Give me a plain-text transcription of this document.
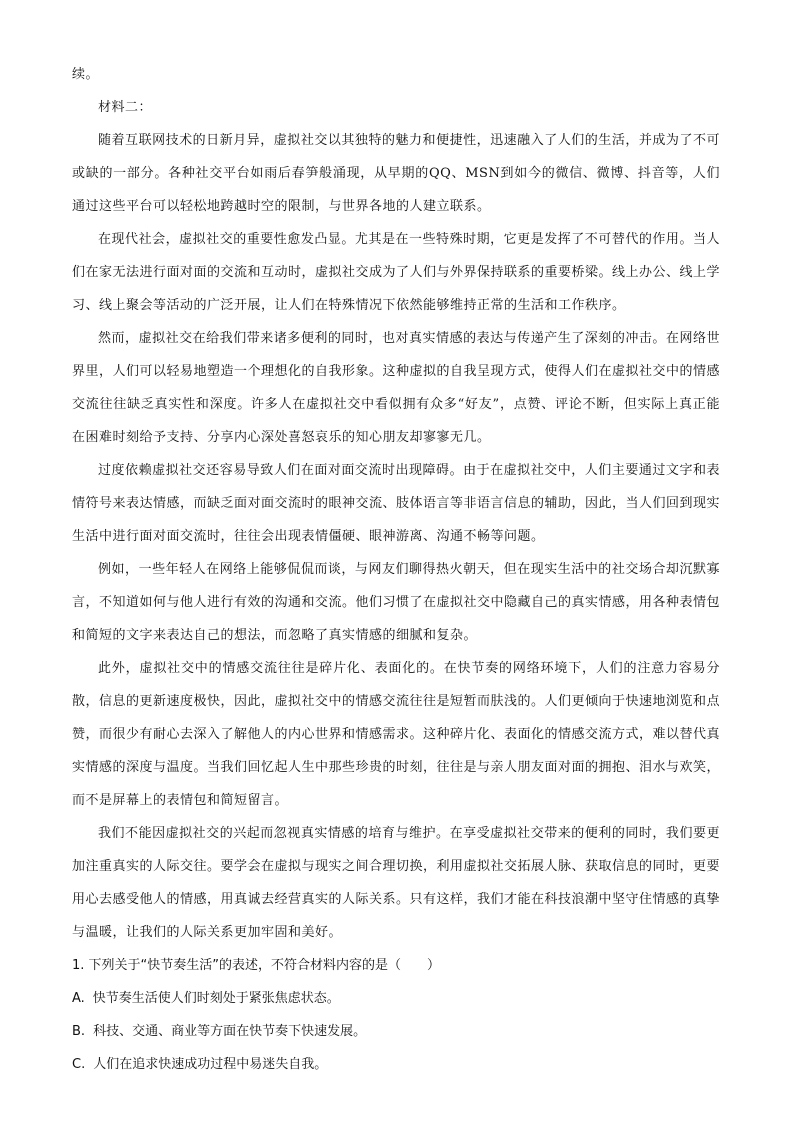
续。

材料二：

随着互联网技术的日新月异，虚拟社交以其独特的魅力和便捷性，迅速融入了人们的生活，并成为了不可或缺的一部分。各种社交平台如雨后春笋般涌现，从早期的QQ、MSN到如今的微信、微博、抖音等，人们通过这些平台可以轻松地跨越时空的限制，与世界各地的人建立联系。

在现代社会，虚拟社交的重要性愈发凸显。尤其是在一些特殊时期，它更是发挥了不可替代的作用。当人们在家无法进行面对面的交流和互动时，虚拟社交成为了人们与外界保持联系的重要桥梁。线上办公、线上学习、线上聚会等活动的广泛开展，让人们在特殊情况下依然能够维持正常的生活和工作秩序。

然而，虚拟社交在给我们带来诸多便利的同时，也对真实情感的表达与传递产生了深刻的冲击。在网络世界里，人们可以轻易地塑造一个理想化的自我形象。这种虚拟的自我呈现方式，使得人们在虚拟社交中的情感交流往往缺乏真实性和深度。许多人在虚拟社交中看似拥有众多“好友”，点赞、评论不断，但实际上真正能在困难时刻给予支持、分享内心深处喜怒哀乐的知心朋友却寥寥无几。

过度依赖虚拟社交还容易导致人们在面对面交流时出现障碍。由于在虚拟社交中，人们主要通过文字和表情符号来表达情感，而缺乏面对面交流时的眼神交流、肢体语言等非语言信息的辅助，因此，当人们回到现实生活中进行面对面交流时，往往会出现表情僵硬、眼神游离、沟通不畅等问题。

例如，一些年轻人在网络上能够侃侃而谈，与网友们聊得热火朝天，但在现实生活中的社交场合却沉默寡言，不知道如何与他人进行有效的沟通和交流。他们习惯了在虚拟社交中隐藏自己的真实情感，用各种表情包和简短的文字来表达自己的想法，而忽略了真实情感的细腻和复杂。

此外，虚拟社交中的情感交流往往是碎片化、表面化的。在快节奏的网络环境下，人们的注意力容易分散，信息的更新速度极快，因此，虚拟社交中的情感交流往往是短暂而肤浅的。人们更倾向于快速地浏览和点赞，而很少有耐心去深入了解他人的内心世界和情感需求。这种碎片化、表面化的情感交流方式，难以替代真实情感的深度与温度。当我们回忆起人生中那些珍贵的时刻，往往是与亲人朋友面对面的拥抱、泪水与欢笑，而不是屏幕上的表情包和简短留言。

我们不能因虚拟社交的兴起而忽视真实情感的培育与维护。在享受虚拟社交带来的便利的同时，我们要更加注重真实的人际交往。要学会在虚拟与现实之间合理切换，利用虚拟社交拓展人脉、获取信息的同时，更要用心去感受他人的情感，用真诚去经营真实的人际关系。只有这样，我们才能在科技浪潮中坚守住情感的真挚与温暖，让我们的人际关系更加牢固和美好。

1. 下列关于“快节奏生活”的表述，不符合材料内容的是（　　）

A. 快节奏生活使人们时刻处于紧张焦虑状态。
B. 科技、交通、商业等方面在快节奏下快速发展。
C. 人们在追求快速成功过程中易迷失自我。
